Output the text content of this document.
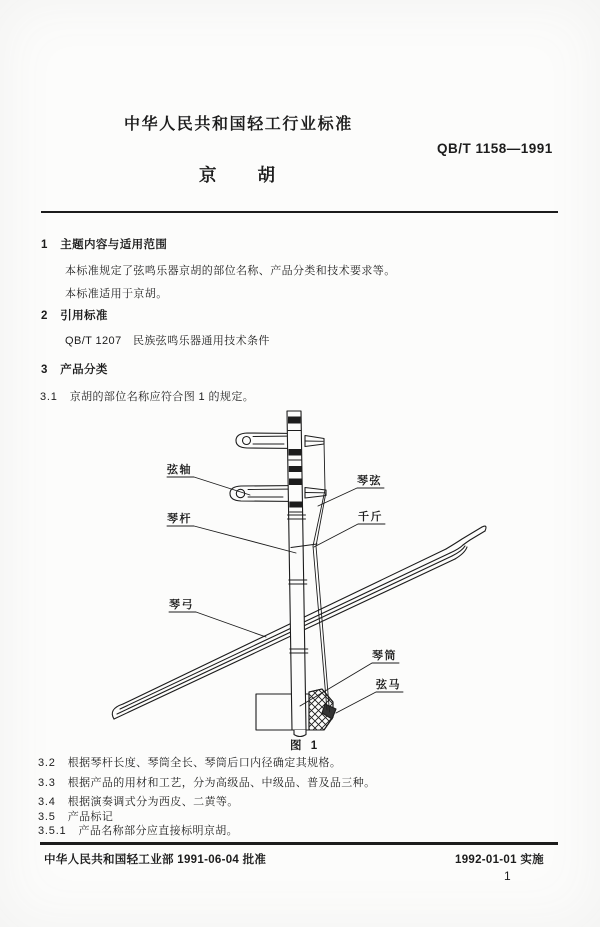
中华人民共和国轻工行业标准
QB/T 1158—1991
京　　胡
1 主题内容与适用范围
本标准规定了弦鸣乐器京胡的部位名称、产品分类和技术要求等。
本标准适用于京胡。
2 引用标准
QB/T 1207　民族弦鸣乐器通用技术条件
3 产品分类
3.1 京胡的部位名称应符合图 1 的规定。
3.2 根据琴杆长度、琴筒全长、琴筒后口内径确定其规格。
3.3 根据产品的用材和工艺，分为高级品、中级品、普及品三种。
3.4 根据演奏调式分为西皮、二黄等。
3.5 产品标记
3.5.1 产品名称部分应直接标明京胡。
弦轴
琴杆
琴弓
琴弦
千斤
琴筒
弦马
图 1
中华人民共和国轻工业部 1991-06-04 批准	1992-01-01 实施
1
